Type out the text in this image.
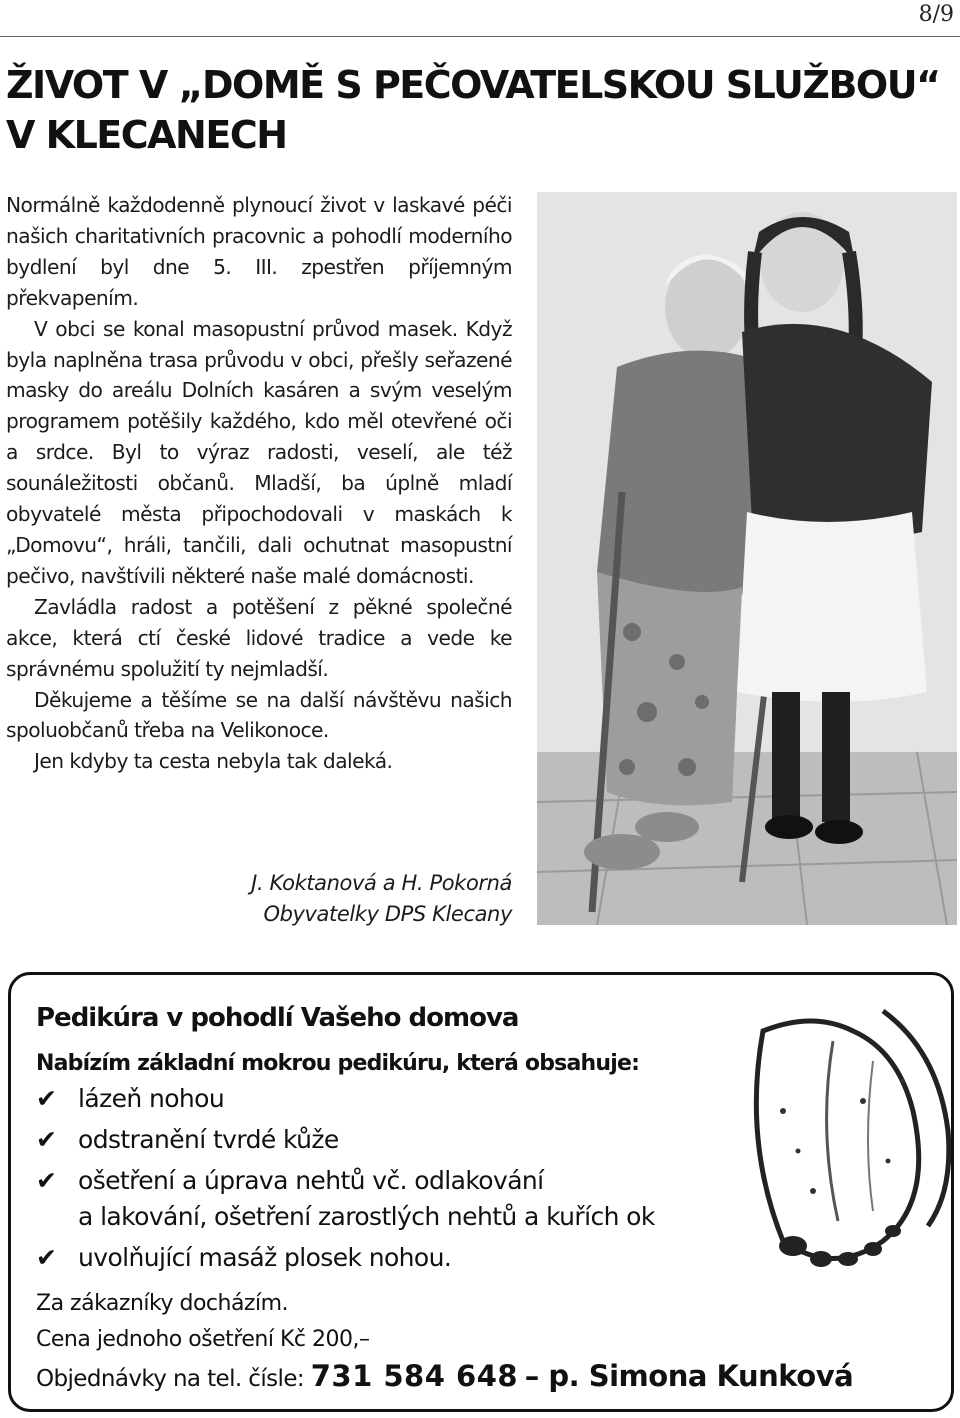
8/9
ŽIVOT V „DOMĚ S PEČOVATELSKOU SLUŽBOU“
V KLECANECH

Normálně každodenně plynoucí život v laskavé péči našich charitativních pracovnic a pohodlí moderního bydlení byl dne 5. III. zpestřen příjemným překvapením.

V obci se konal masopustní průvod masek. Když byla naplněna trasa průvodu v obci, přešly seřazené masky do areálu Dolních kasáren a svým veselým programem potěšily každého, kdo měl otevřené oči a srdce. Byl to výraz radosti, veselí, ale též sounáležitosti občanů. Mladší, ba úplně mladí obyvatelé města připochodovali v maskách k „Domovu“, hráli, tančili, dali ochutnat masopustní pečivo, navštívili některé naše malé domácnosti.

Zavládla radost a potěšení z pěkné společné akce, která ctí české lidové tradice a vede ke správnému spolužití ty nejmladší.

Děkujeme a těšíme se na další návštěvu našich spoluobčanů třeba na Velikonoce.

Jen kdyby ta cesta nebyla tak daleká.

J. Koktanová a H. Pokorná
Obyvatelky DPS Klecany
Pedikúra v pohodlí Vašeho domova
Nabízím základní mokrou pedikúru, která obsahuje:
✔ lázeň nohou
✔ odstranění tvrdé kůže
✔ ošetření a úprava nehtů vč. odlakování
a lakování, ošetření zarostlých nehtů a kuřích ok
✔ uvolňující masáž plosek nohou.
Za zákazníky docházím.
Cena jednoho ošetření Kč 200,–
Objednávky na tel. čísle: 731 584 648 – p. Simona Kunková
